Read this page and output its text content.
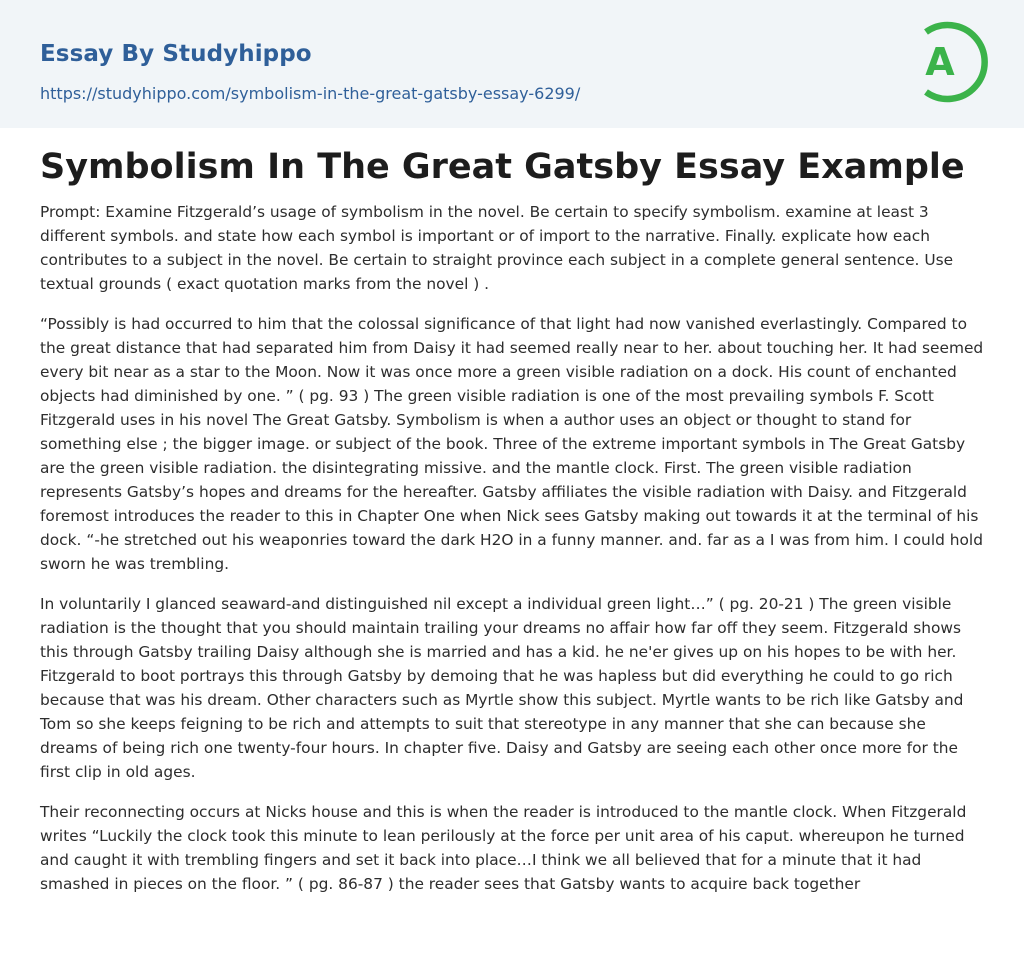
Essay By Studyhippo
https://studyhippo.com/symbolism-in-the-great-gatsby-essay-6299/
A
Symbolism In The Great Gatsby Essay Example

Prompt: Examine Fitzgerald’s usage of symbolism in the novel. Be certain to specify symbolism. examine at least 3 different symbols. and state how each symbol is important or of import to the narrative. Finally. explicate how each contributes to a subject in the novel. Be certain to straight province each subject in a complete general sentence. Use textual grounds ( exact quotation marks from the novel ) .

“Possibly is had occurred to him that the colossal significance of that light had now vanished everlastingly. Compared to the great distance that had separated him from Daisy it had seemed really near to her. about touching her. It had seemed every bit near as a star to the Moon. Now it was once more a green visible radiation on a dock. His count of enchanted objects had diminished by one. ” ( pg. 93 ) The green visible radiation is one of the most prevailing symbols F. Scott Fitzgerald uses in his novel The Great Gatsby. Symbolism is when a author uses an object or thought to stand for something else ; the bigger image. or subject of the book. Three of the extreme important symbols in The Great Gatsby are the green visible radiation. the disintegrating missive. and the mantle clock. First. The green visible radiation represents Gatsby’s hopes and dreams for the hereafter. Gatsby affiliates the visible radiation with Daisy. and Fitzgerald foremost introduces the reader to this in Chapter One when Nick sees Gatsby making out towards it at the terminal of his dock. “-he stretched out his weaponries toward the dark H2O in a funny manner. and. far as a I was from him. I could hold sworn he was trembling.

In voluntarily I glanced seaward-and distinguished nil except a individual green light…” ( pg. 20-21 ) The green visible radiation is the thought that you should maintain trailing your dreams no affair how far off they seem. Fitzgerald shows this through Gatsby trailing Daisy although she is married and has a kid. he ne'er gives up on his hopes to be with her. Fitzgerald to boot portrays this through Gatsby by demoing that he was hapless but did everything he could to go rich because that was his dream. Other characters such as Myrtle show this subject. Myrtle wants to be rich like Gatsby and Tom so she keeps feigning to be rich and attempts to suit that stereotype in any manner that she can because she dreams of being rich one twenty-four hours. In chapter five. Daisy and Gatsby are seeing each other once more for the first clip in old ages.

Their reconnecting occurs at Nicks house and this is when the reader is introduced to the mantle clock. When Fitzgerald writes “Luckily the clock took this minute to lean perilously at the force per unit area of his caput. whereupon he turned and caught it with trembling fingers and set it back into place…I think we all believed that for a minute that it had smashed in pieces on the floor. ” ( pg. 86-87 ) the reader sees that Gatsby wants to acquire back together
